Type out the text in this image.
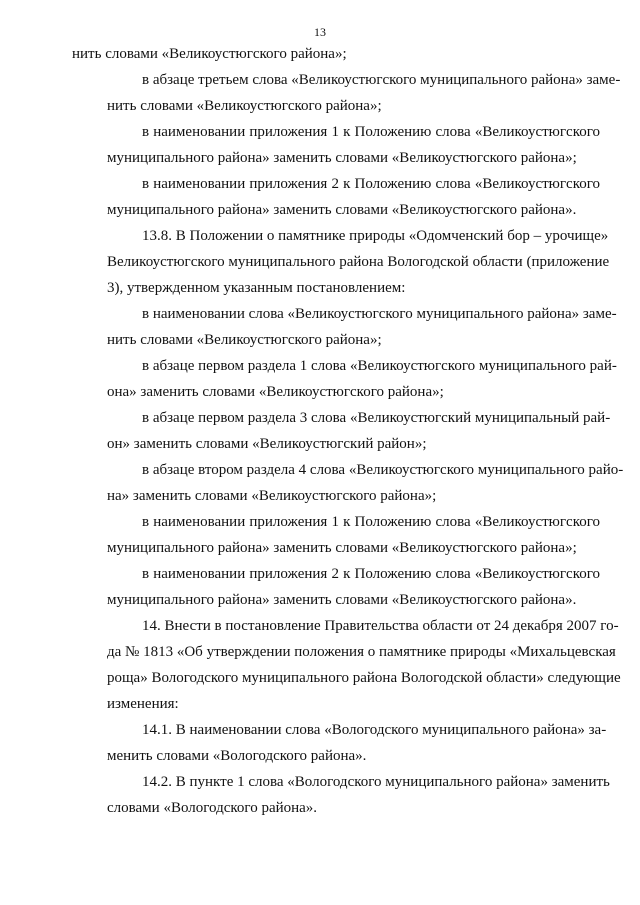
13
нить словами «Великоустюгского района»;
в абзаце третьем слова «Великоустюгского муниципального района» заме-
нить словами «Великоустюгского района»;
в наименовании приложения 1 к Положению слова «Великоустюгского
муниципального района» заменить словами «Великоустюгского района»;
в наименовании приложения 2 к Положению слова «Великоустюгского
муниципального района» заменить словами «Великоустюгского района».
13.8. В Положении о памятнике природы «Одомченский бор – урочище»
Великоустюгского муниципального района Вологодской области (приложение
3), утвержденном указанным постановлением:
в наименовании слова «Великоустюгского муниципального района» заме-
нить словами «Великоустюгского района»;
в абзаце первом раздела 1 слова «Великоустюгского муниципального рай-
она» заменить словами «Великоустюгского района»;
в абзаце первом раздела 3 слова «Великоустюгский муниципальный рай-
он» заменить словами «Великоустюгский район»;
в абзаце втором раздела 4 слова «Великоустюгского муниципального райо-
на» заменить словами «Великоустюгского района»;
в наименовании приложения 1 к Положению слова «Великоустюгского
муниципального района» заменить словами «Великоустюгского района»;
в наименовании приложения 2 к Положению слова «Великоустюгского
муниципального района» заменить словами «Великоустюгского района».
14. Внести в постановление Правительства области от 24 декабря 2007 го-
да № 1813 «Об утверждении положения о памятнике природы «Михальцевская
роща» Вологодского муниципального района Вологодской области» следующие
изменения:
14.1. В наименовании слова «Вологодского муниципального района» за-
менить словами «Вологодского района».
14.2. В пункте 1 слова «Вологодского муниципального района» заменить
словами «Вологодского района».
